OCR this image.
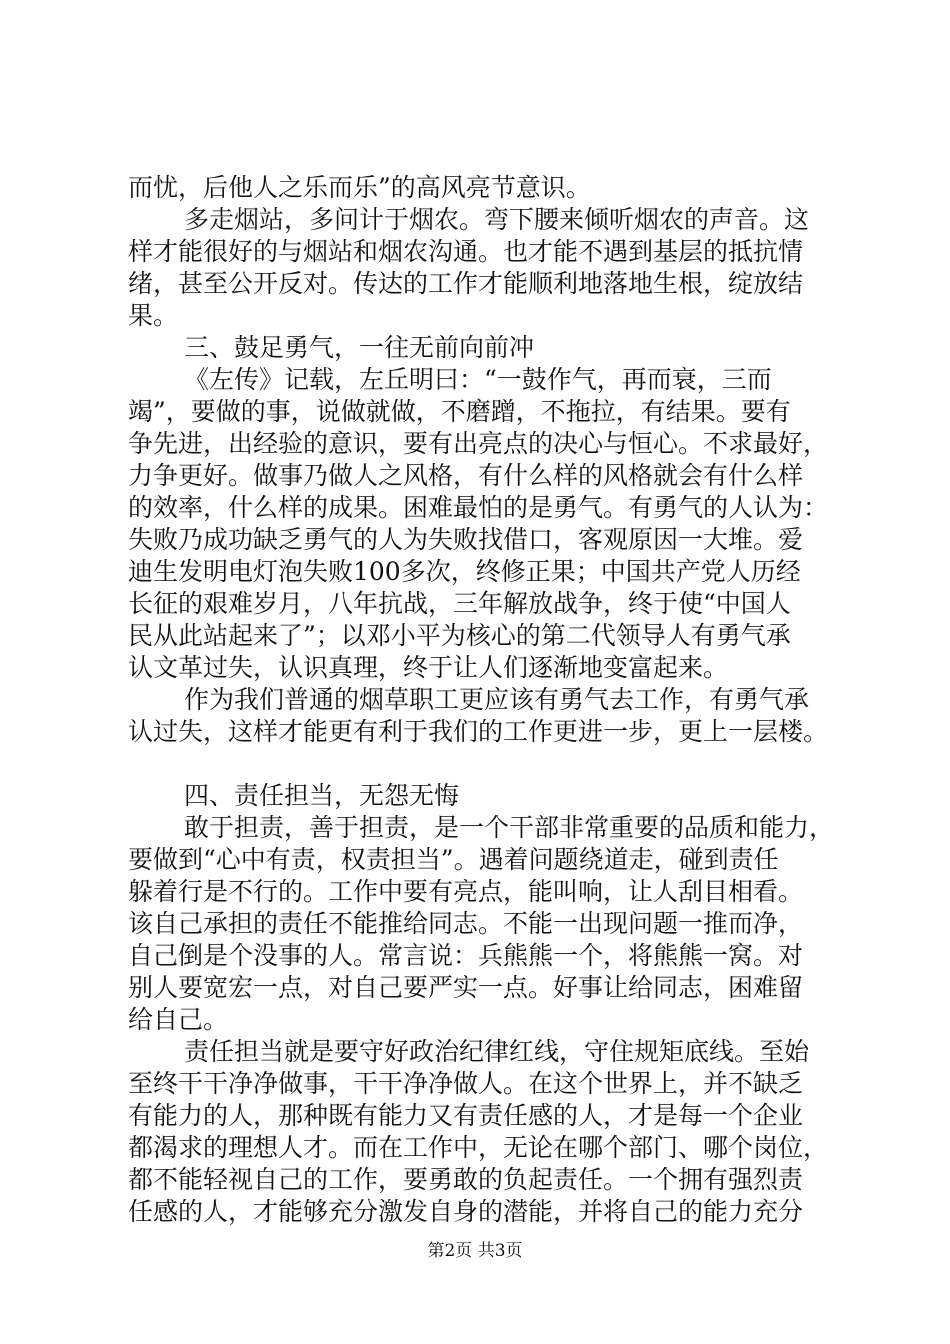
而忧，后他人之乐而乐”的高风亮节意识。
多走烟站，多问计于烟农。弯下腰来倾听烟农的声音。这
样才能很好的与烟站和烟农沟通。也才能不遇到基层的抵抗情
绪，甚至公开反对。传达的工作才能顺利地落地生根，绽放结
果。
三、鼓足勇气，一往无前向前冲
《左传》记载，左丘明曰：“一鼓作气，再而衰，三而
竭”，要做的事，说做就做，不磨蹭，不拖拉，有结果。要有
争先进，出经验的意识，要有出亮点的决心与恒心。不求最好，
力争更好。做事乃做人之风格，有什么样的风格就会有什么样
的效率，什么样的成果。困难最怕的是勇气。有勇气的人认为：
失败乃成功缺乏勇气的人为失败找借口，客观原因一大堆。爱
迪生发明电灯泡失败100多次，终修正果；中国共产党人历经
长征的艰难岁月，八年抗战，三年解放战争，终于使“中国人
民从此站起来了”；以邓小平为核心的第二代领导人有勇气承
认文革过失，认识真理，终于让人们逐渐地变富起来。
作为我们普通的烟草职工更应该有勇气去工作，有勇气承
认过失，这样才能更有利于我们的工作更进一步，更上一层楼。
四、责任担当，无怨无悔
敢于担责，善于担责，是一个干部非常重要的品质和能力，
要做到“心中有责，权责担当”。遇着问题绕道走，碰到责任
躲着行是不行的。工作中要有亮点，能叫响，让人刮目相看。
该自己承担的责任不能推给同志。不能一出现问题一推而净，
自己倒是个没事的人。常言说：兵熊熊一个，将熊熊一窝。对
别人要宽宏一点，对自己要严实一点。好事让给同志，困难留
给自己。
责任担当就是要守好政治纪律红线，守住规矩底线。至始
至终干干净净做事，干干净净做人。在这个世界上，并不缺乏
有能力的人，那种既有能力又有责任感的人，才是每一个企业
都渴求的理想人才。而在工作中，无论在哪个部门、哪个岗位，
都不能轻视自己的工作，要勇敢的负起责任。一个拥有强烈责
任感的人，才能够充分激发自身的潜能，并将自己的能力充分
第2页 共3页
